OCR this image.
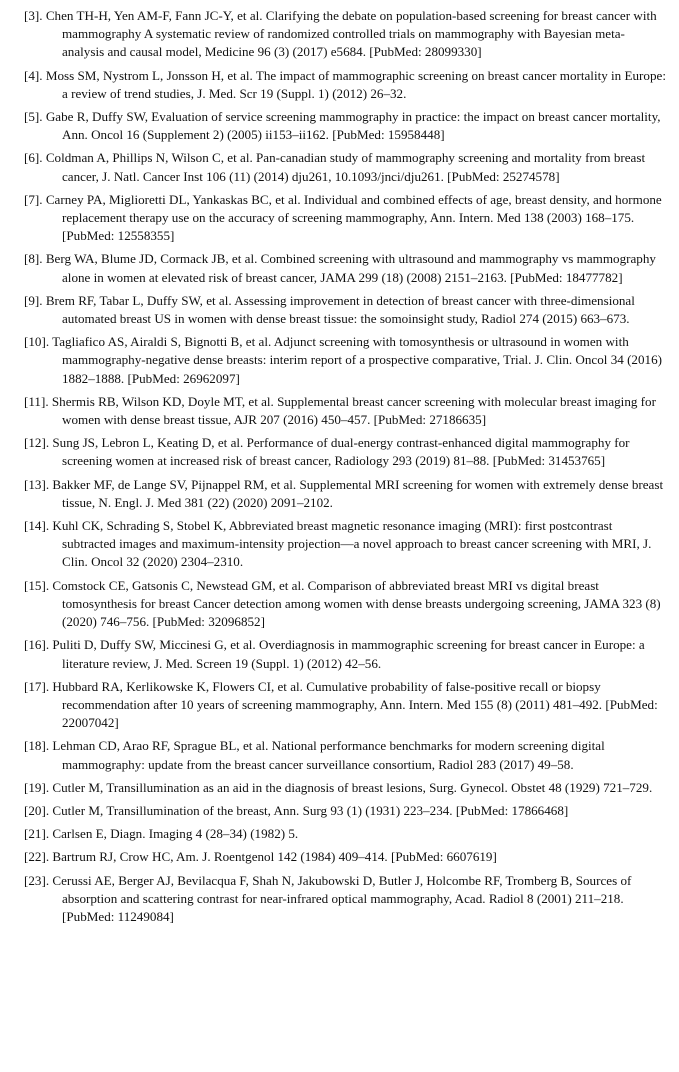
[3]. Chen TH-H, Yen AM-F, Fann JC-Y, et al. Clarifying the debate on population-based screening for breast cancer with mammography A systematic review of randomized controlled trials on mammography with Bayesian meta-analysis and causal model, Medicine 96 (3) (2017) e5684. [PubMed: 28099330]
[4]. Moss SM, Nystrom L, Jonsson H, et al. The impact of mammographic screening on breast cancer mortality in Europe: a review of trend studies, J. Med. Scr 19 (Suppl. 1) (2012) 26–32.
[5]. Gabe R, Duffy SW, Evaluation of service screening mammography in practice: the impact on breast cancer mortality, Ann. Oncol 16 (Supplement 2) (2005) ii153–ii162. [PubMed: 15958448]
[6]. Coldman A, Phillips N, Wilson C, et al. Pan-canadian study of mammography screening and mortality from breast cancer, J. Natl. Cancer Inst 106 (11) (2014) dju261, 10.1093/jnci/dju261. [PubMed: 25274578]
[7]. Carney PA, Miglioretti DL, Yankaskas BC, et al. Individual and combined effects of age, breast density, and hormone replacement therapy use on the accuracy of screening mammography, Ann. Intern. Med 138 (2003) 168–175. [PubMed: 12558355]
[8]. Berg WA, Blume JD, Cormack JB, et al. Combined screening with ultrasound and mammography vs mammography alone in women at elevated risk of breast cancer, JAMA 299 (18) (2008) 2151–2163. [PubMed: 18477782]
[9]. Brem RF, Tabar L, Duffy SW, et al. Assessing improvement in detection of breast cancer with three-dimensional automated breast US in women with dense breast tissue: the somoinsight study, Radiol 274 (2015) 663–673.
[10]. Tagliafico AS, Airaldi S, Bignotti B, et al. Adjunct screening with tomosynthesis or ultrasound in women with mammography-negative dense breasts: interim report of a prospective comparative, Trial. J. Clin. Oncol 34 (2016) 1882–1888. [PubMed: 26962097]
[11]. Shermis RB, Wilson KD, Doyle MT, et al. Supplemental breast cancer screening with molecular breast imaging for women with dense breast tissue, AJR 207 (2016) 450–457. [PubMed: 27186635]
[12]. Sung JS, Lebron L, Keating D, et al. Performance of dual-energy contrast-enhanced digital mammography for screening women at increased risk of breast cancer, Radiology 293 (2019) 81–88. [PubMed: 31453765]
[13]. Bakker MF, de Lange SV, Pijnappel RM, et al. Supplemental MRI screening for women with extremely dense breast tissue, N. Engl. J. Med 381 (22) (2020) 2091–2102.
[14]. Kuhl CK, Schrading S, Stobel K, Abbreviated breast magnetic resonance imaging (MRI): first postcontrast subtracted images and maximum-intensity projection—a novel approach to breast cancer screening with MRI, J. Clin. Oncol 32 (2020) 2304–2310.
[15]. Comstock CE, Gatsonis C, Newstead GM, et al. Comparison of abbreviated breast MRI vs digital breast tomosynthesis for breast Cancer detection among women with dense breasts undergoing screening, JAMA 323 (8) (2020) 746–756. [PubMed: 32096852]
[16]. Puliti D, Duffy SW, Miccinesi G, et al. Overdiagnosis in mammographic screening for breast cancer in Europe: a literature review, J. Med. Screen 19 (Suppl. 1) (2012) 42–56.
[17]. Hubbard RA, Kerlikowske K, Flowers CI, et al. Cumulative probability of false-positive recall or biopsy recommendation after 10 years of screening mammography, Ann. Intern. Med 155 (8) (2011) 481–492. [PubMed: 22007042]
[18]. Lehman CD, Arao RF, Sprague BL, et al. National performance benchmarks for modern screening digital mammography: update from the breast cancer surveillance consortium, Radiol 283 (2017) 49–58.
[19]. Cutler M, Transillumination as an aid in the diagnosis of breast lesions, Surg. Gynecol. Obstet 48 (1929) 721–729.
[20]. Cutler M, Transillumination of the breast, Ann. Surg 93 (1) (1931) 223–234. [PubMed: 17866468]
[21]. Carlsen E, Diagn. Imaging 4 (28–34) (1982) 5.
[22]. Bartrum RJ, Crow HC, Am. J. Roentgenol 142 (1984) 409–414. [PubMed: 6607619]
[23]. Cerussi AE, Berger AJ, Bevilacqua F, Shah N, Jakubowski D, Butler J, Holcombe RF, Tromberg B, Sources of absorption and scattering contrast for near-infrared optical mammography, Acad. Radiol 8 (2001) 211–218. [PubMed: 11249084]
